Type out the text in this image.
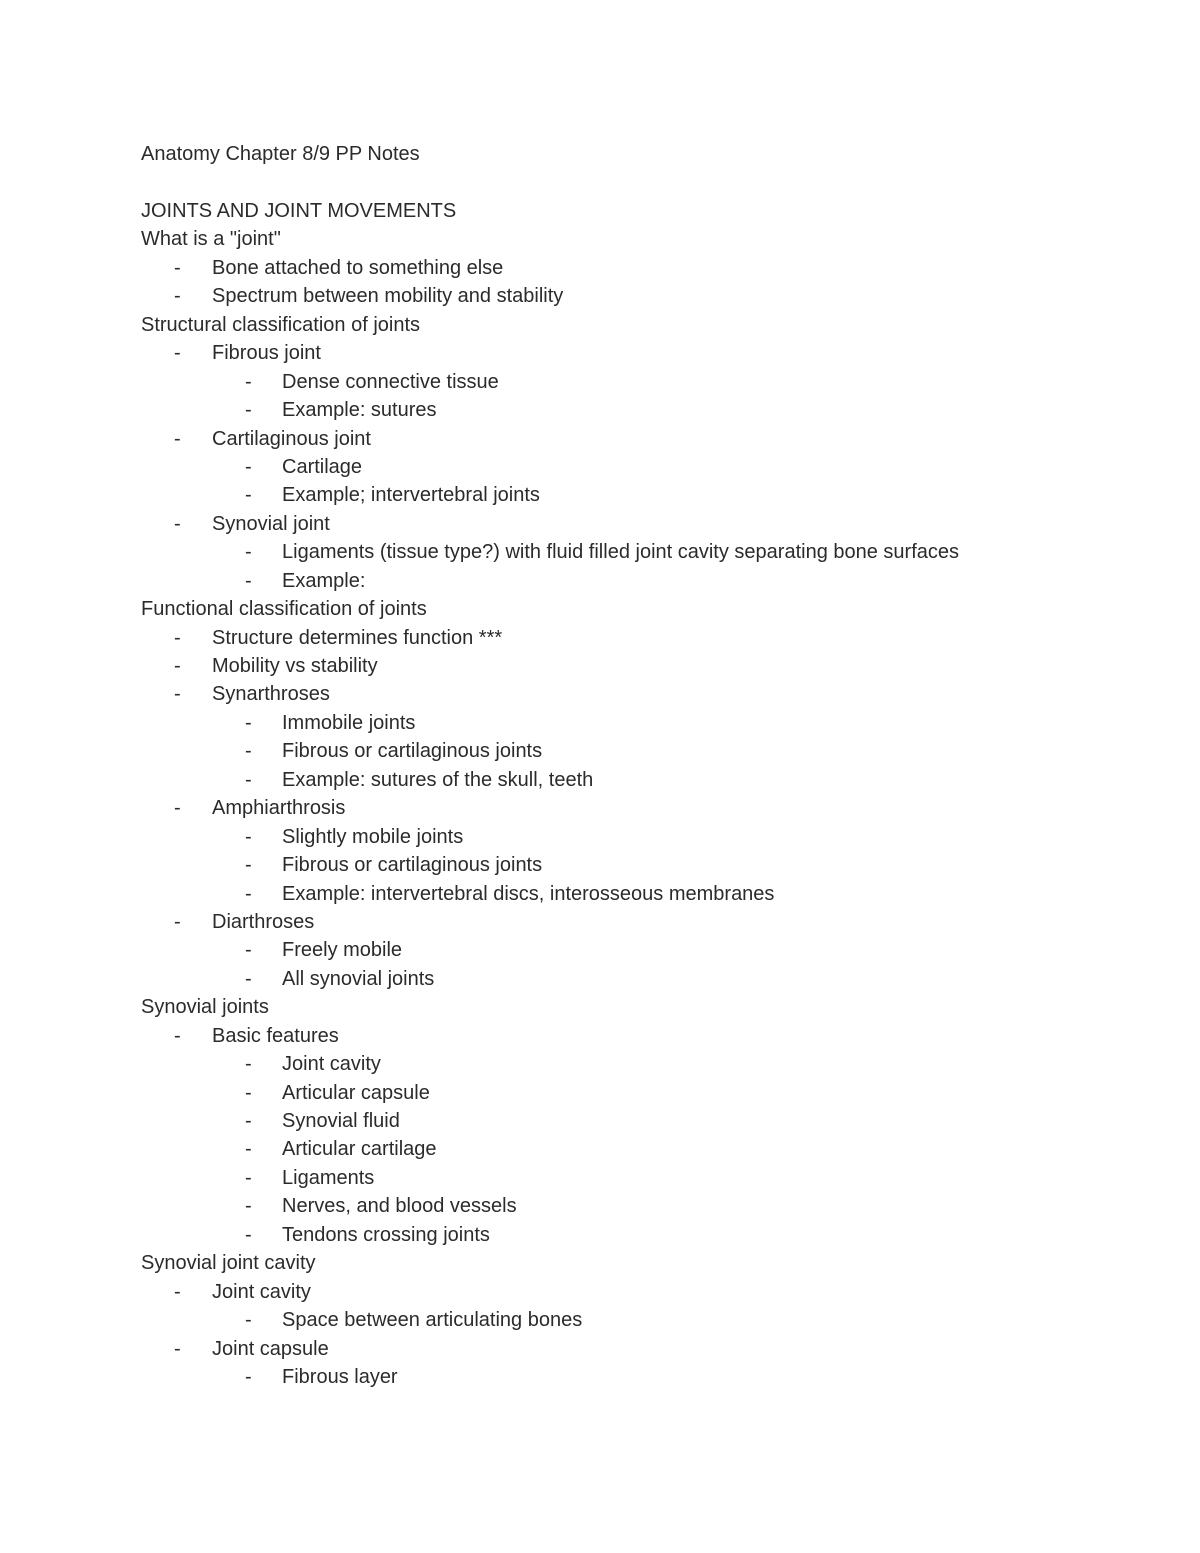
Anatomy Chapter 8/9 PP Notes
JOINTS AND JOINT MOVEMENTS
What is a "joint"
- Bone attached to something else
- Spectrum between mobility and stability
Structural classification of joints
- Fibrous joint
- Dense connective tissue
- Example: sutures
- Cartilaginous joint
- Cartilage
- Example; intervertebral joints
- Synovial joint
- Ligaments (tissue type?) with fluid filled joint cavity separating bone surfaces
- Example:
Functional classification of joints
- Structure determines function ***
- Mobility vs stability
- Synarthroses
- Immobile joints
- Fibrous or cartilaginous joints
- Example: sutures of the skull, teeth
- Amphiarthrosis
- Slightly mobile joints
- Fibrous or cartilaginous joints
- Example: intervertebral discs, interosseous membranes
- Diarthroses
- Freely mobile
- All synovial joints
Synovial joints
- Basic features
- Joint cavity
- Articular capsule
- Synovial fluid
- Articular cartilage
- Ligaments
- Nerves, and blood vessels
- Tendons crossing joints
Synovial joint cavity
- Joint cavity
- Space between articulating bones
- Joint capsule
- Fibrous layer
